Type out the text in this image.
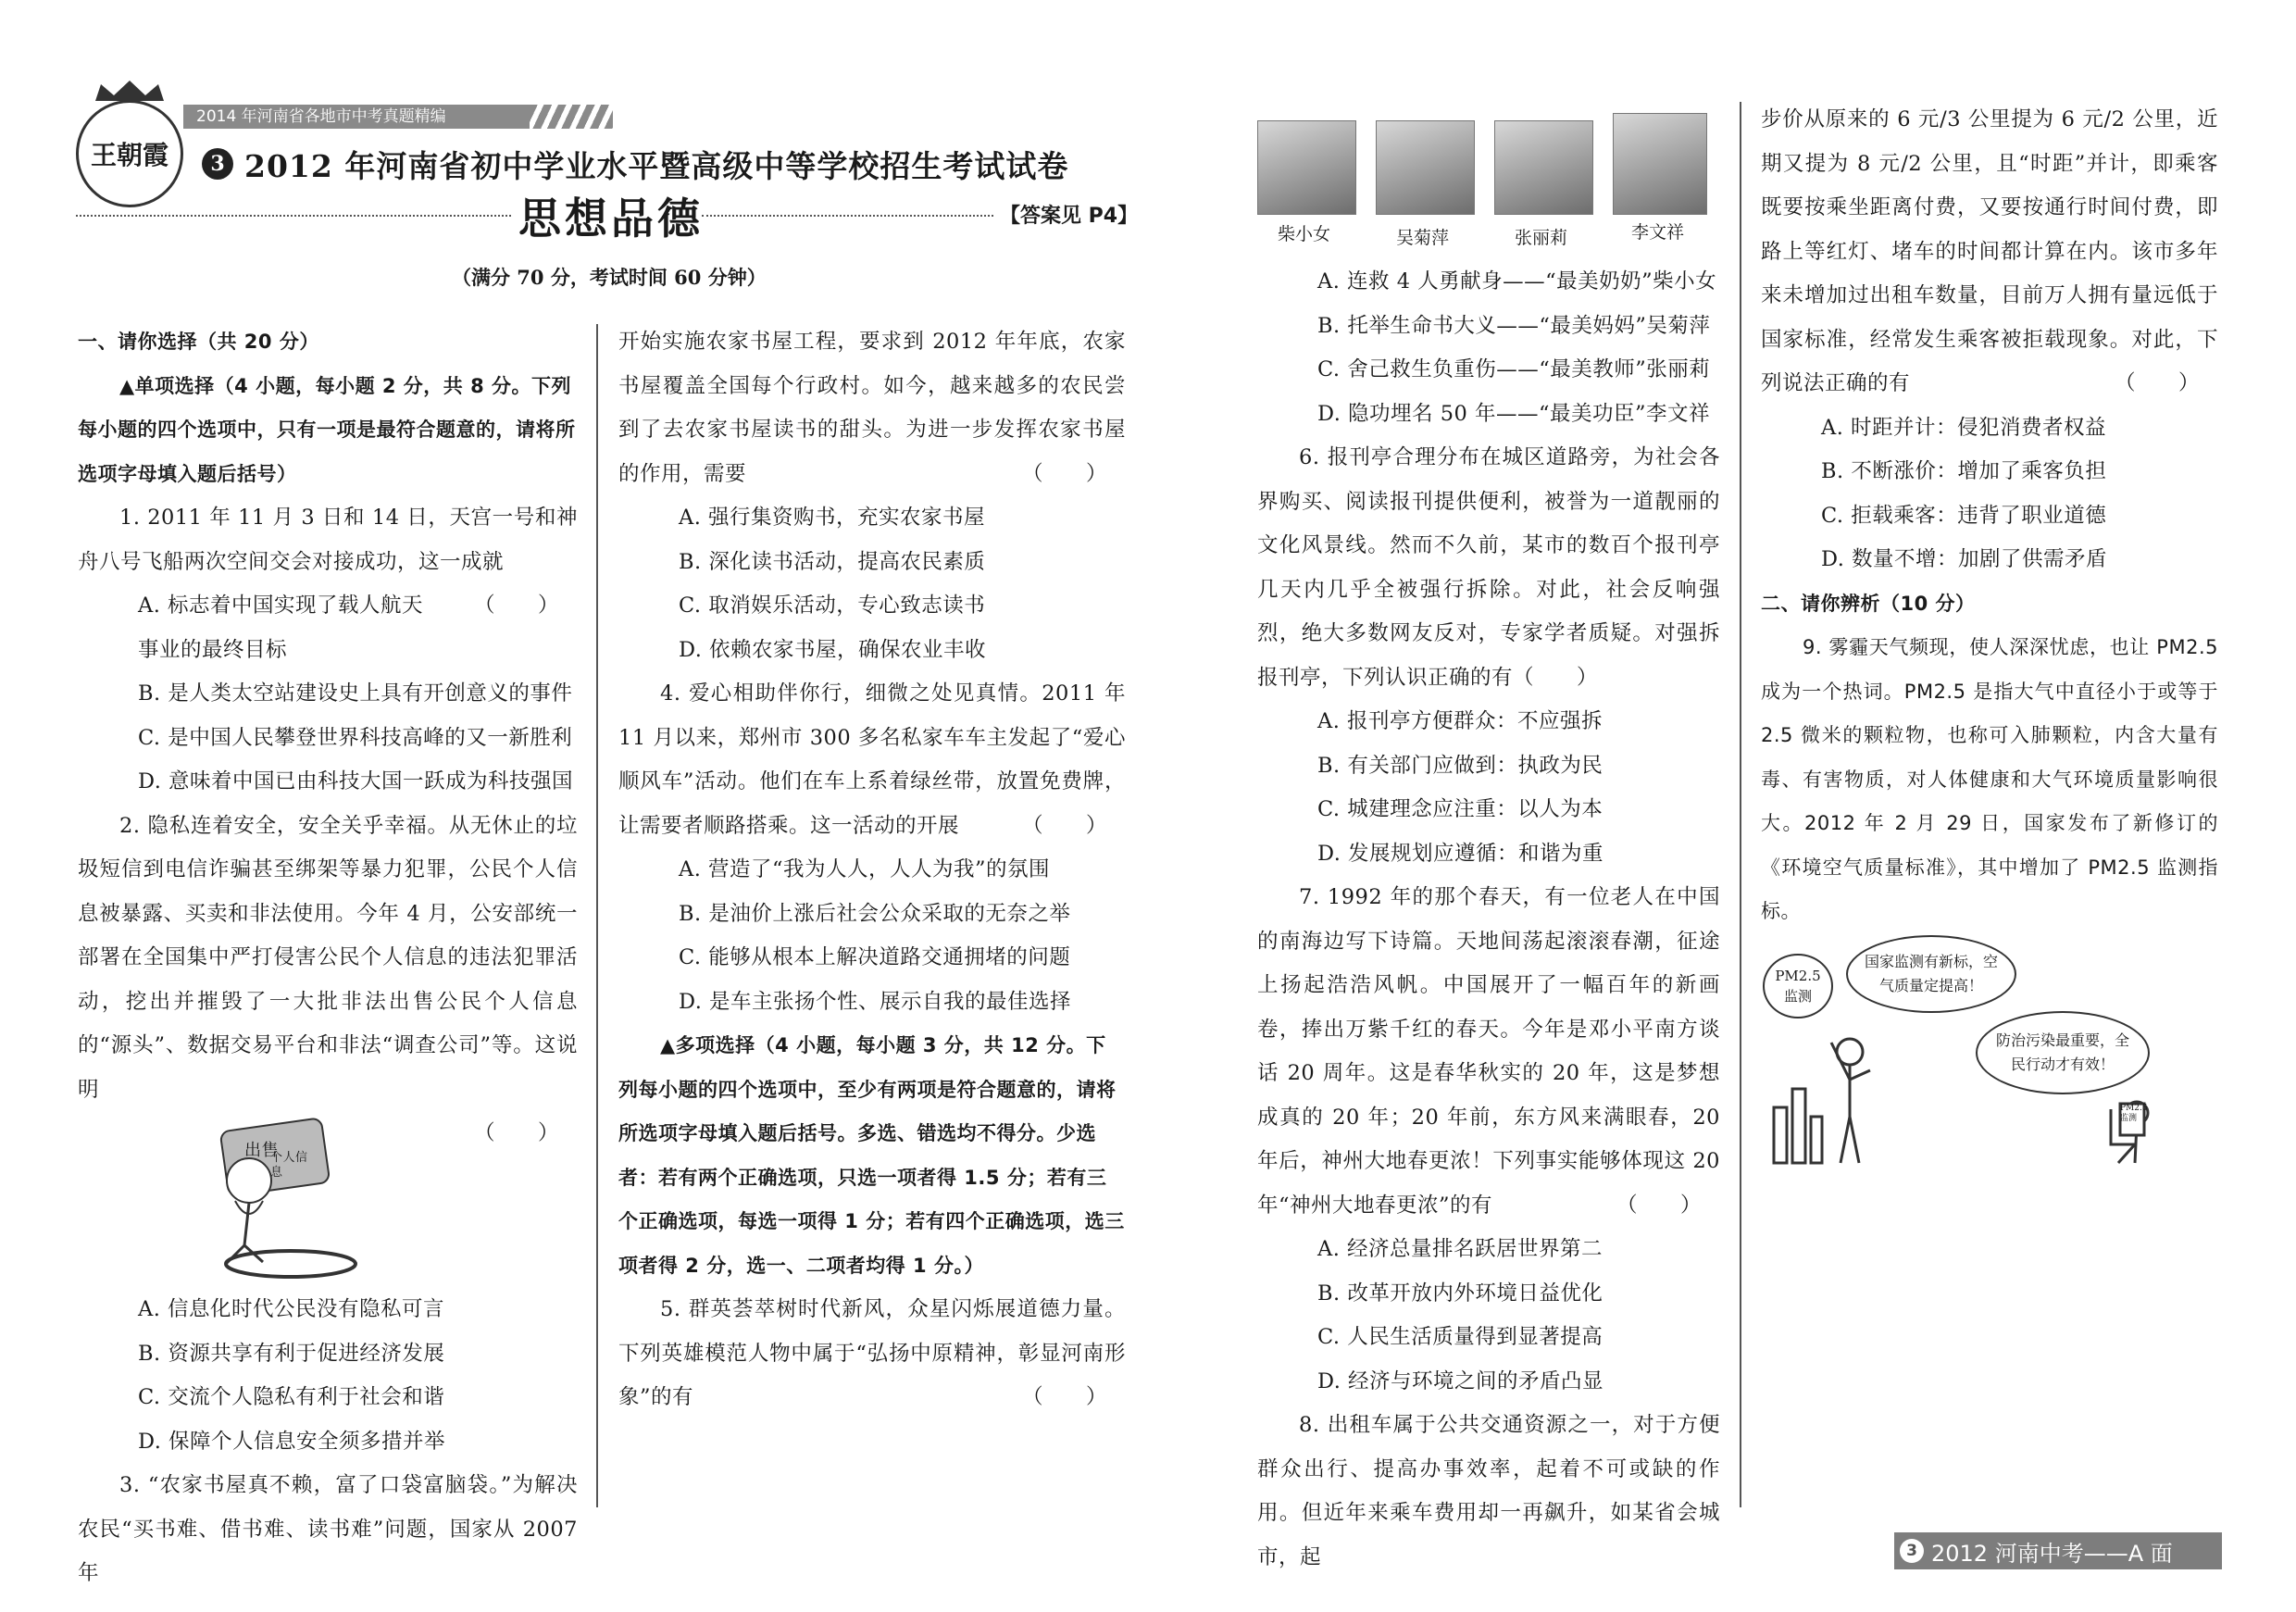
王朝霞
2014 年河南省各地市中考真题精编
3 2012 年河南省初中学业水平暨高级中等学校招生考试试卷
思想品德	【答案见 P4】
（满分 70 分，考试时间 60 分钟）

一、请你选择（共 20 分）

▲单项选择（4 小题，每小题 2 分，共 8 分。下列每小题的四个选项中，只有一项是最符合题意的，请将所选项字母填入题后括号）

1. 2011 年 11 月 3 日和 14 日，天宫一号和神舟八号飞船两次空间交会对接成功，这一成就
（　　）

A. 标志着中国实现了载人航天事业的最终目标

B. 是人类太空站建设史上具有开创意义的事件

C. 是中国人民攀登世界科技高峰的又一新胜利

D. 意味着中国已由科技大国一跃成为科技强国

2. 隐私连着安全，安全关乎幸福。从无休止的垃圾短信到电信诈骗甚至绑架等暴力犯罪，公民个人信息被暴露、买卖和非法使用。今年 4 月，公安部统一部署在全国集中严打侵害公民个人信息的违法犯罪活动，挖出并摧毁了一大批非法出售公民个人信息的“源头”、数据交易平台和非法“调查公司”等。这说明

（　　）
出售
个人信息

A. 信息化时代公民没有隐私可言

B. 资源共享有利于促进经济发展

C. 交流个人隐私有利于社会和谐

D. 保障个人信息安全须多措并举

3. “农家书屋真不赖，富了口袋富脑袋。”为解决农民“买书难、借书难、读书难”问题，国家从 2007 年

开始实施农家书屋工程，要求到 2012 年年底，农家书屋覆盖全国每个行政村。如今，越来越多的农民尝到了去农家书屋读书的甜头。为进一步发挥农家书屋的作用，需要	（　　）

A. 强行集资购书，充实农家书屋

B. 深化读书活动，提高农民素质

C. 取消娱乐活动，专心致志读书

D. 依赖农家书屋，确保农业丰收

4. 爱心相助伴你行，细微之处见真情。2011 年 11 月以来，郑州市 300 多名私家车车主发起了“爱心顺风车”活动。他们在车上系着绿丝带，放置免费牌，让需要者顺路搭乘。这一活动的开展	（　　）

A. 营造了“我为人人，人人为我”的氛围

B. 是油价上涨后社会公众采取的无奈之举

C. 能够从根本上解决道路交通拥堵的问题

D. 是车主张扬个性、展示自我的最佳选择

▲多项选择（4 小题，每小题 3 分，共 12 分。下列每小题的四个选项中，至少有两项是符合题意的，请将所选项字母填入题后括号。多选、错选均不得分。少选者：若有两个正确选项，只选一项者得 1.5 分；若有三个正确选项，每选一项得 1 分；若有四个正确选项，选三项者得 2 分，选一、二项者均得 1 分。）

5. 群英荟萃树时代新风，众星闪烁展道德力量。下列英雄模范人物中属于“弘扬中原精神，彰显河南形象”的有	（　　）

柴小女	吴菊萍	张丽莉	李文祥

A. 连救 4 人勇献身——“最美奶奶”柴小女

B. 托举生命书大义——“最美妈妈”吴菊萍

C. 舍己救生负重伤——“最美教师”张丽莉

D. 隐功埋名 50 年——“最美功臣”李文祥

6. 报刊亭合理分布在城区道路旁，为社会各界购买、阅读报刊提供便利，被誉为一道靓丽的文化风景线。然而不久前，某市的数百个报刊亭几天内几乎全被强行拆除。对此，社会反响强烈，绝大多数网友反对，专家学者质疑。对强拆报刊亭，下列认识正确的有（　　）

A. 报刊亭方便群众：不应强拆

B. 有关部门应做到：执政为民

C. 城建理念应注重：以人为本

D. 发展规划应遵循：和谐为重

7. 1992 年的那个春天，有一位老人在中国的南海边写下诗篇。天地间荡起滚滚春潮，征途上扬起浩浩风帆。中国展开了一幅百年的新画卷，捧出万紫千红的春天。今年是邓小平南方谈话 20 周年。这是春华秋实的 20 年，这是梦想成真的 20 年；20 年前，东方风来满眼春，20 年后，神州大地春更浓！下列事实能够体现这 20 年“神州大地春更浓”的有	（　　）

A. 经济总量排名跃居世界第二

B. 改革开放内外环境日益优化

C. 人民生活质量得到显著提高

D. 经济与环境之间的矛盾凸显

8. 出租车属于公共交通资源之一，对于方便群众出行、提高办事效率，起着不可或缺的作用。但近年来乘车费用却一再飙升，如某省会城市，起

步价从原来的 6 元/3 公里提为 6 元/2 公里，近期又提为 8 元/2 公里，且“时距”并计，即乘客既要按乘坐距离付费，又要按通行时间付费，即路上等红灯、堵车的时间都计算在内。该市多年来未增加过出租车数量，目前万人拥有量远低于国家标准，经常发生乘客被拒载现象。对此，下列说法正确的有	（　　）

A. 时距并计：侵犯消费者权益

B. 不断涨价：增加了乘客负担

C. 拒载乘客：违背了职业道德

D. 数量不增：加剧了供需矛盾

二、请你辨析（10 分）

9. 雾霾天气频现，使人深深忧虑，也让 PM2.5 成为一个热词。PM2.5 是指大气中直径小于或等于 2.5 微米的颗粒物，也称可入肺颗粒，内含大量有毒、有害物质，对人体健康和大气环境质量影响很大。2012 年 2 月 29 日，国家发布了新修订的《环境空气质量标准》，其中增加了 PM2.5 监测指标。

PM2.5 监测
国家监测有新标，空气质量定提高！
防治污染最重要，全民行动才有效！
PM2.5 监测
3 2012 河南中考——A 面
